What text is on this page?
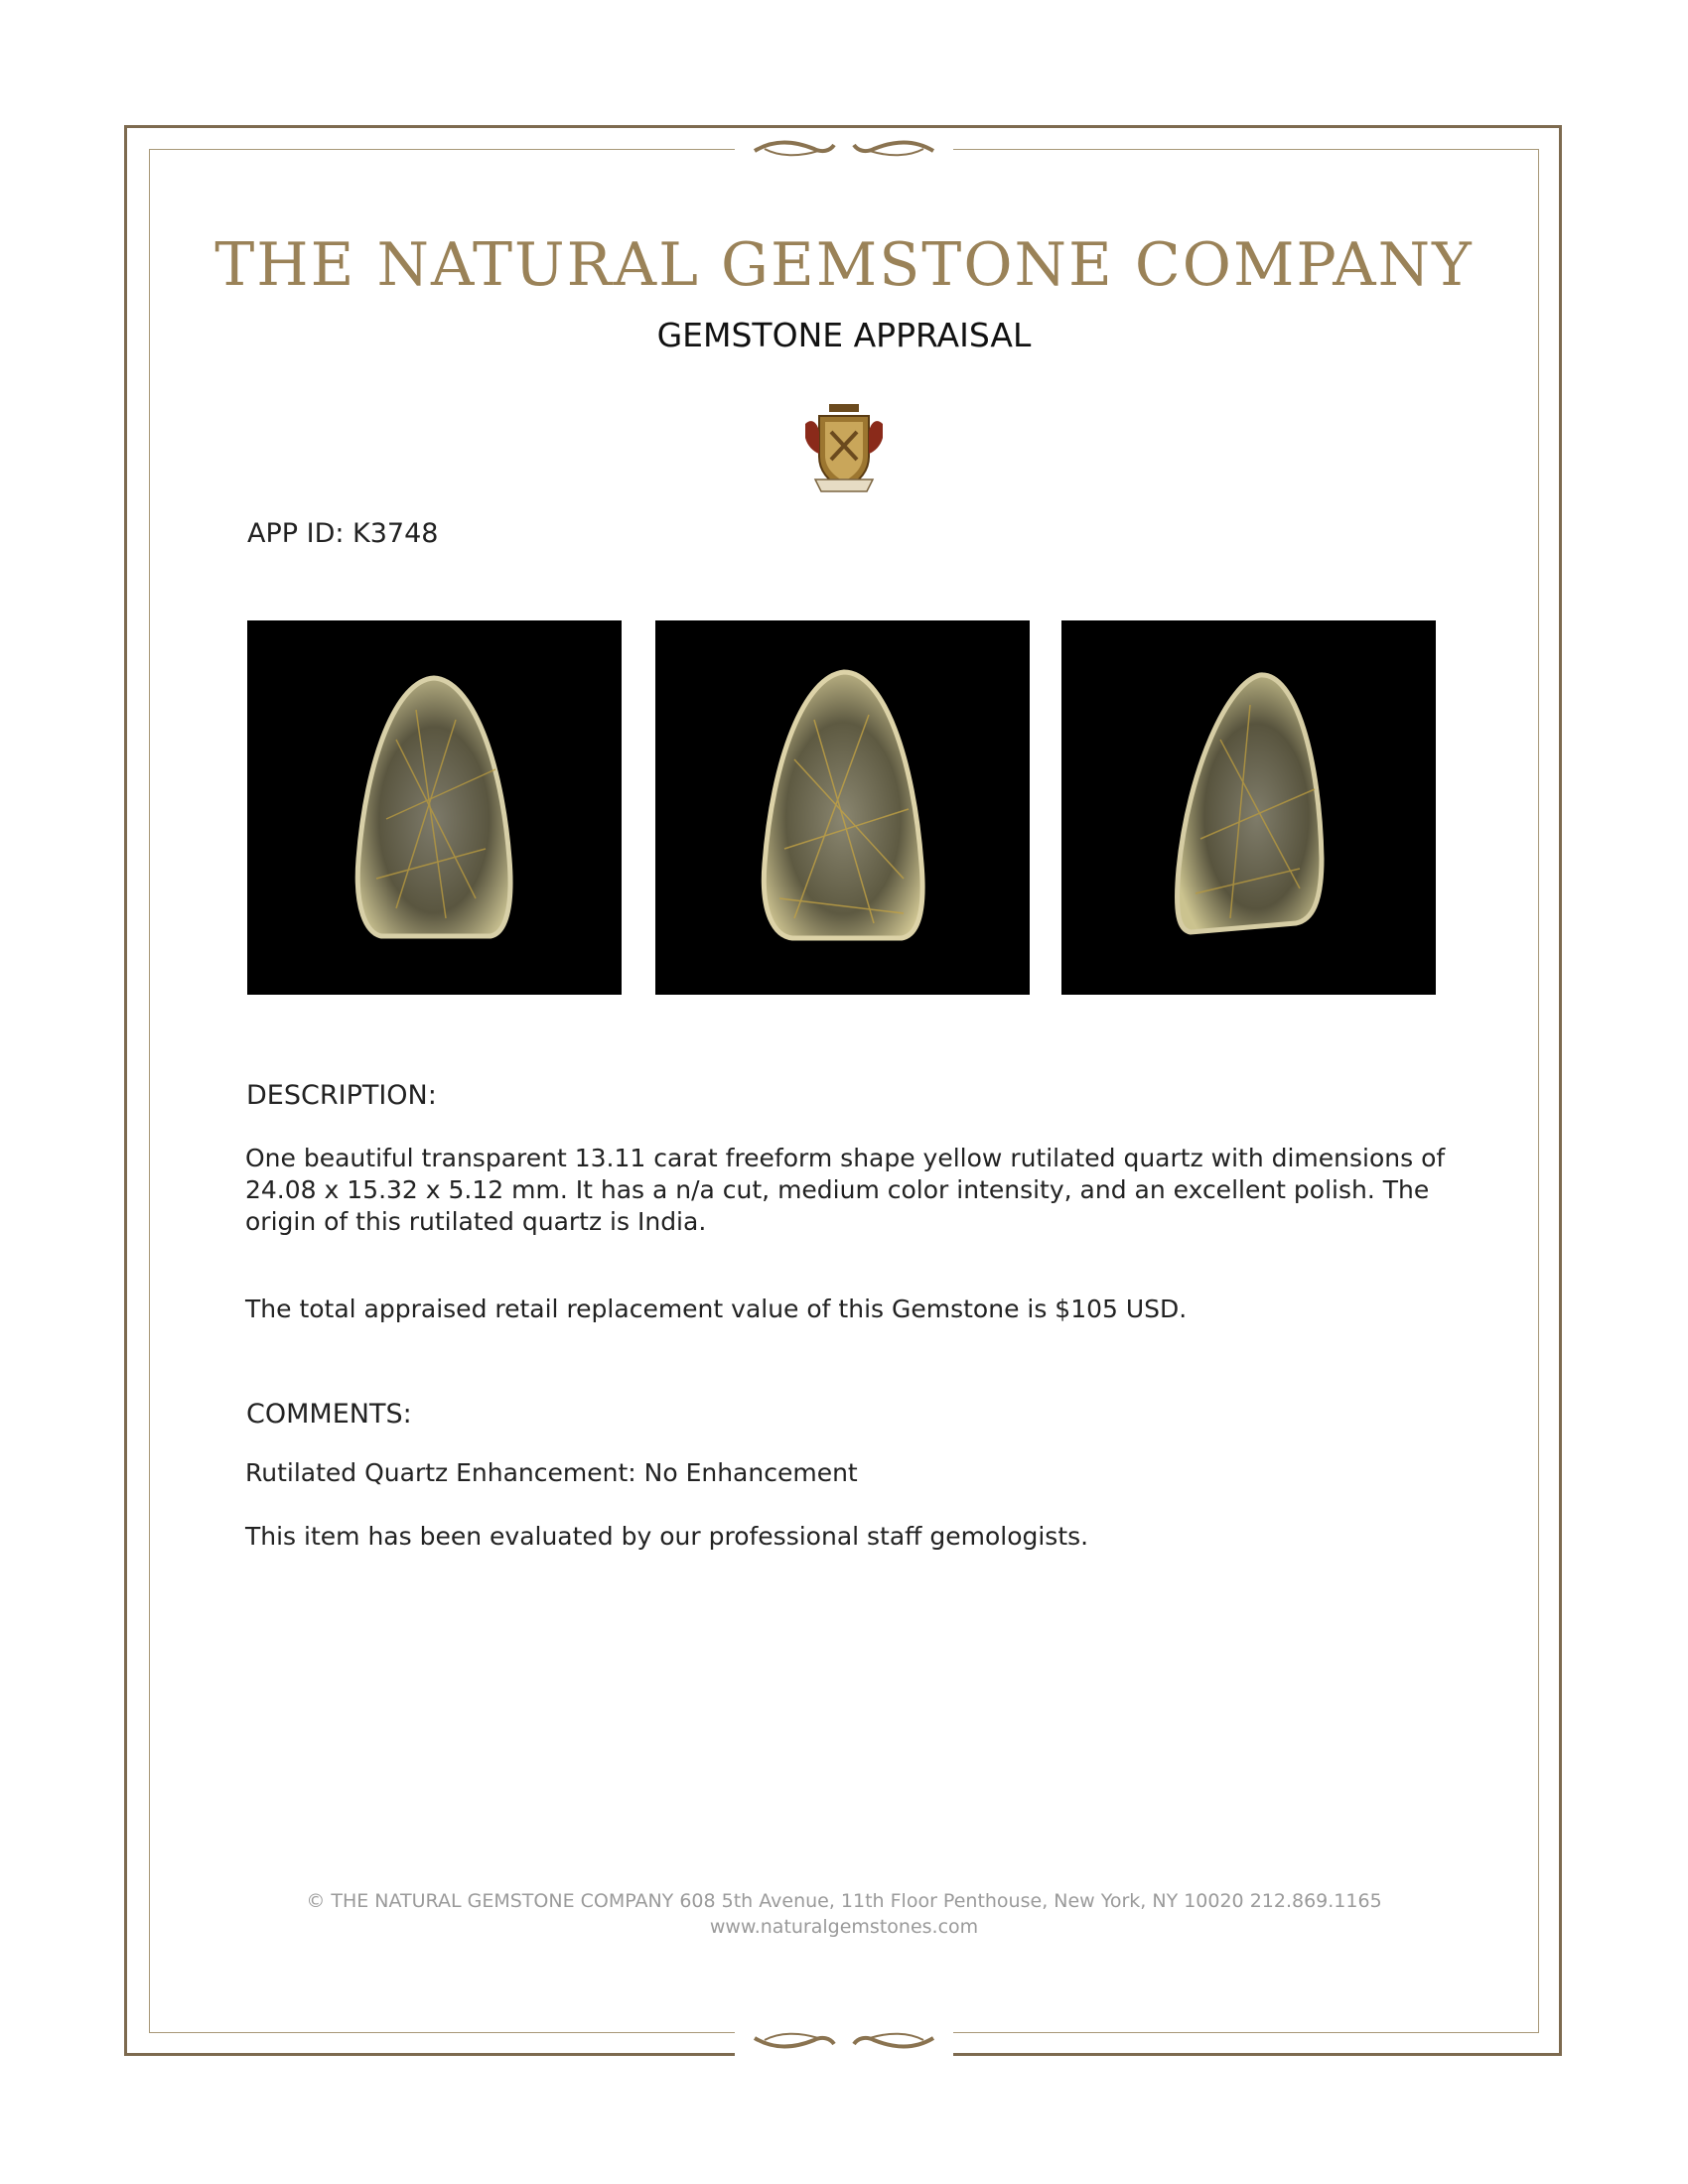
THE NATURAL GEMSTONE COMPANY
GEMSTONE APPRAISAL
APP ID: K3748
DESCRIPTION:
One beautiful transparent 13.11 carat freeform shape yellow rutilated quartz with dimensions of 24.08 x 15.32 x 5.12 mm. It has a n/a cut, medium color intensity, and an excellent polish. The origin of this rutilated quartz is India.
The total appraised retail replacement value of this Gemstone is $105 USD.
COMMENTS:
Rutilated Quartz Enhancement: No Enhancement
This item has been evaluated by our professional staff gemologists.
© THE NATURAL GEMSTONE COMPANY 608 5th Avenue, 11th Floor Penthouse, New York, NY 10020 212.869.1165
www.naturalgemstones.com
